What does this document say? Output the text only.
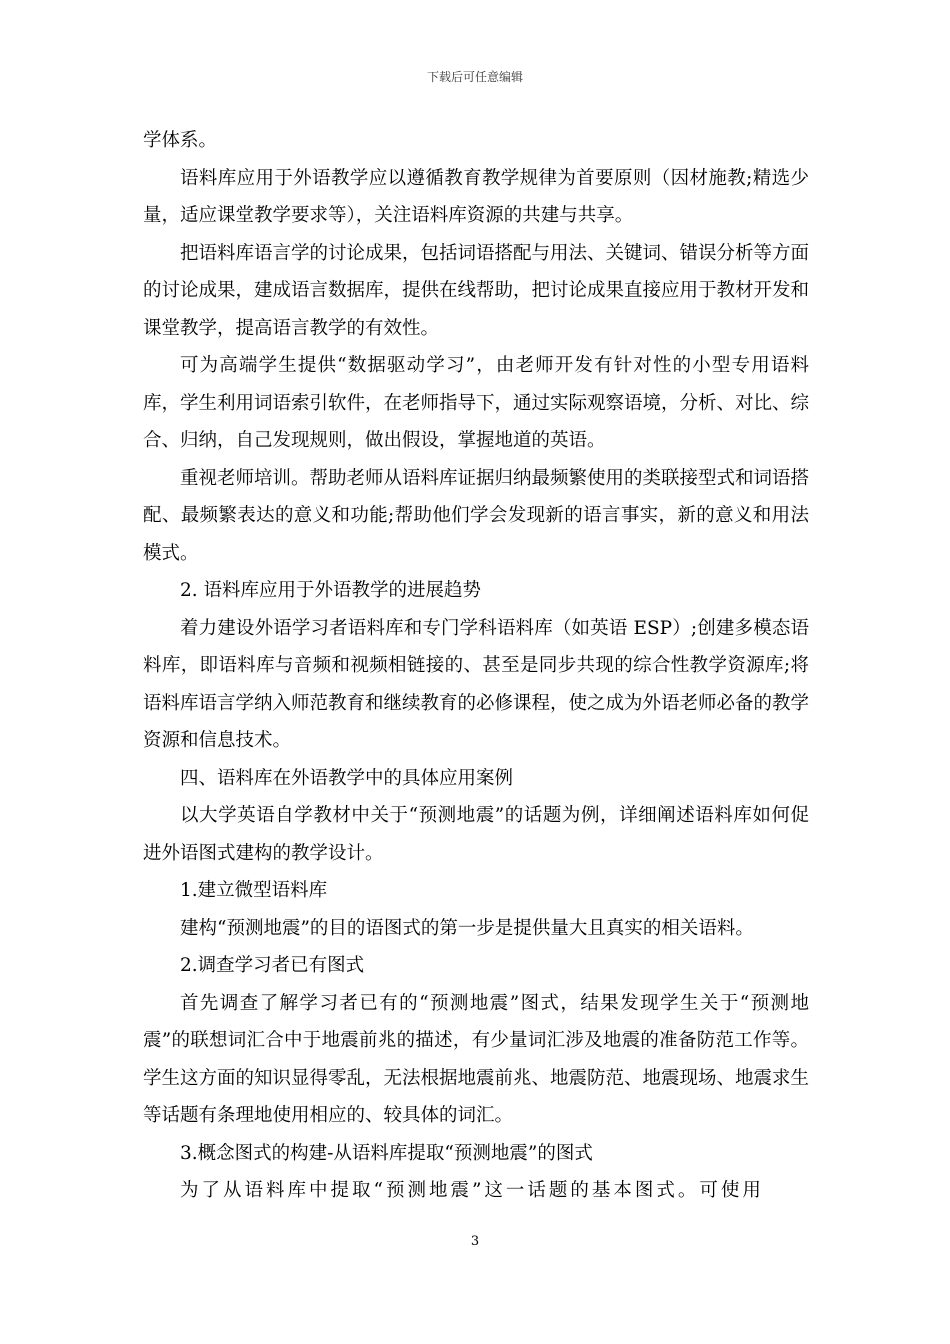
下载后可任意编辑

学体系。

语料库应用于外语教学应以遵循教育教学规律为首要原则（因材施教;精选少量，适应课堂教学要求等），关注语料库资源的共建与共享。

把语料库语言学的讨论成果，包括词语搭配与用法、关键词、错误分析等方面的讨论成果，建成语言数据库，提供在线帮助，把讨论成果直接应用于教材开发和课堂教学，提高语言教学的有效性。

可为高端学生提供“数据驱动学习”，由老师开发有针对性的小型专用语料库，学生利用词语索引软件，在老师指导下，通过实际观察语境，分析、对比、综合、归纳，自己发现规则，做出假设，掌握地道的英语。

重视老师培训。帮助老师从语料库证据归纳最频繁使用的类联接型式和词语搭配、最频繁表达的意义和功能;帮助他们学会发现新的语言事实，新的意义和用法模式。

2. 语料库应用于外语教学的进展趋势

着力建设外语学习者语料库和专门学科语料库（如英语 ESP）;创建多模态语料库，即语料库与音频和视频相链接的、甚至是同步共现的综合性教学资源库;将语料库语言学纳入师范教育和继续教育的必修课程，使之成为外语老师必备的教学资源和信息技术。

四、语料库在外语教学中的具体应用案例

以大学英语自学教材中关于“预测地震”的话题为例，详细阐述语料库如何促进外语图式建构的教学设计。

1.建立微型语料库

建构“预测地震”的目的语图式的第一步是提供量大且真实的相关语料。

2.调查学习者已有图式

首先调查了解学习者已有的“预测地震”图式，结果发现学生关于“预测地震”的联想词汇合中于地震前兆的描述，有少量词汇涉及地震的准备防范工作等。学生这方面的知识显得零乱，无法根据地震前兆、地震防范、地震现场、地震求生等话题有条理地使用相应的、较具体的词汇。

3.概念图式的构建-从语料库提取“预测地震”的图式

为了从语料库中提取“预测地震”这一话题的基本图式。可使用

3
